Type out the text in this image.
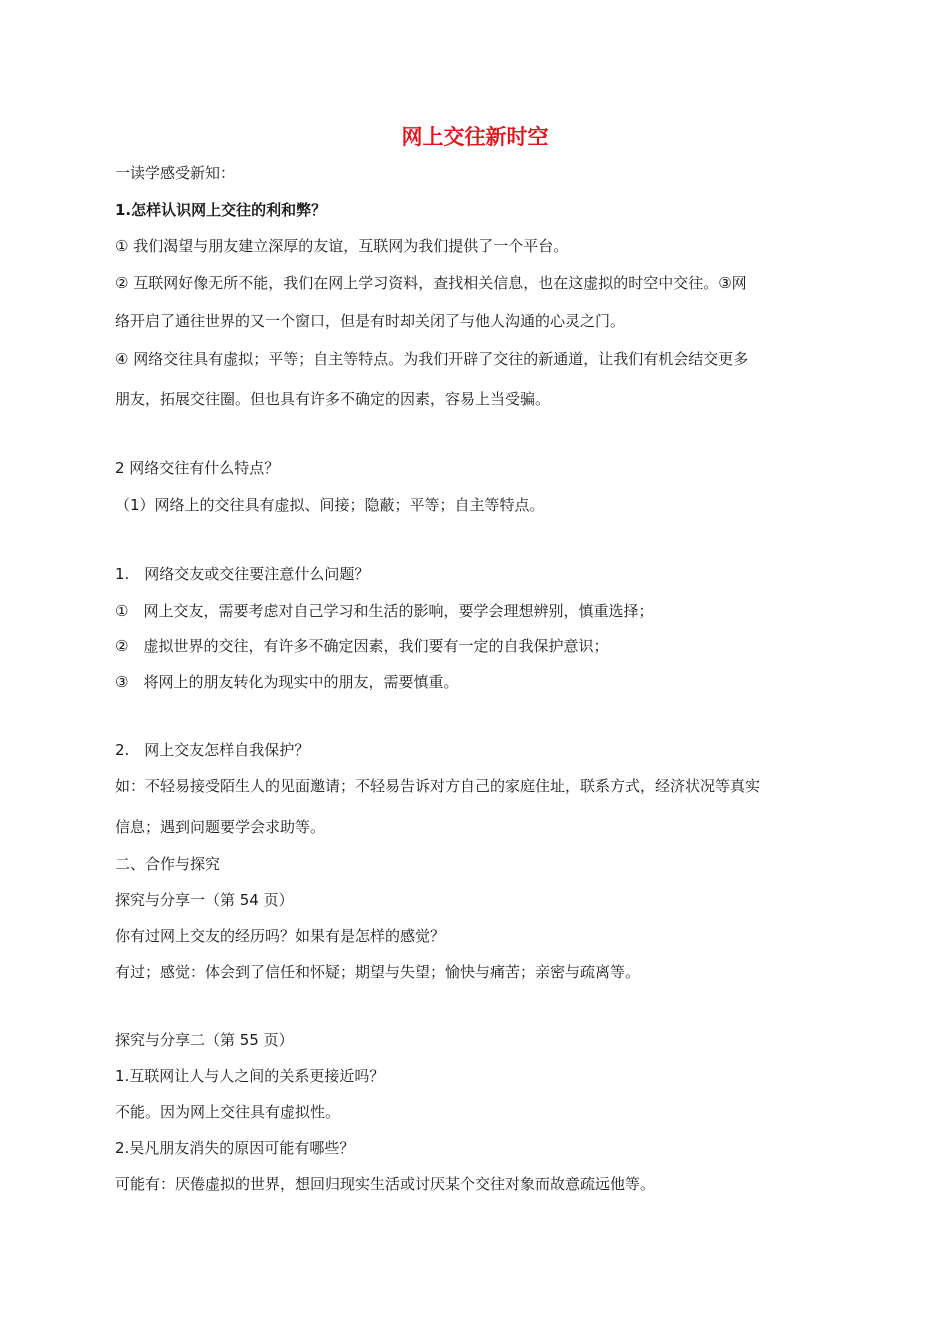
网上交往新时空

一读学感受新知：

1.怎样认识网上交往的利和弊？

① 我们渴望与朋友建立深厚的友谊，互联网为我们提供了一个平台。

② 互联网好像无所不能，我们在网上学习资料，查找相关信息，也在这虚拟的时空中交往。③网

络开启了通往世界的又一个窗口，但是有时却关闭了与他人沟通的心灵之门。

④ 网络交往具有虚拟；平等；自主等特点。为我们开辟了交往的新通道，让我们有机会结交更多

朋友，拓展交往圈。但也具有许多不确定的因素，容易上当受骗。

2 网络交往有什么特点？

（1）网络上的交往具有虚拟、间接；隐蔽；平等；自主等特点。

1.　网络交友或交往要注意什么问题？

①　网上交友，需要考虑对自己学习和生活的影响，要学会理想辨别，慎重选择；

②　虚拟世界的交往，有许多不确定因素，我们要有一定的自我保护意识；

③　将网上的朋友转化为现实中的朋友，需要慎重。

2.　网上交友怎样自我保护？

如：不轻易接受陌生人的见面邀请；不轻易告诉对方自己的家庭住址，联系方式，经济状况等真实

信息；遇到问题要学会求助等。

二、合作与探究

探究与分享一（第 54 页）

你有过网上交友的经历吗？如果有是怎样的感觉？

有过；感觉：体会到了信任和怀疑；期望与失望；愉快与痛苦；亲密与疏离等。

探究与分享二（第 55 页）

1.互联网让人与人之间的关系更接近吗？

不能。因为网上交往具有虚拟性。

2.吴凡朋友消失的原因可能有哪些？

可能有：厌倦虚拟的世界，想回归现实生活或讨厌某个交往对象而故意疏远他等。
